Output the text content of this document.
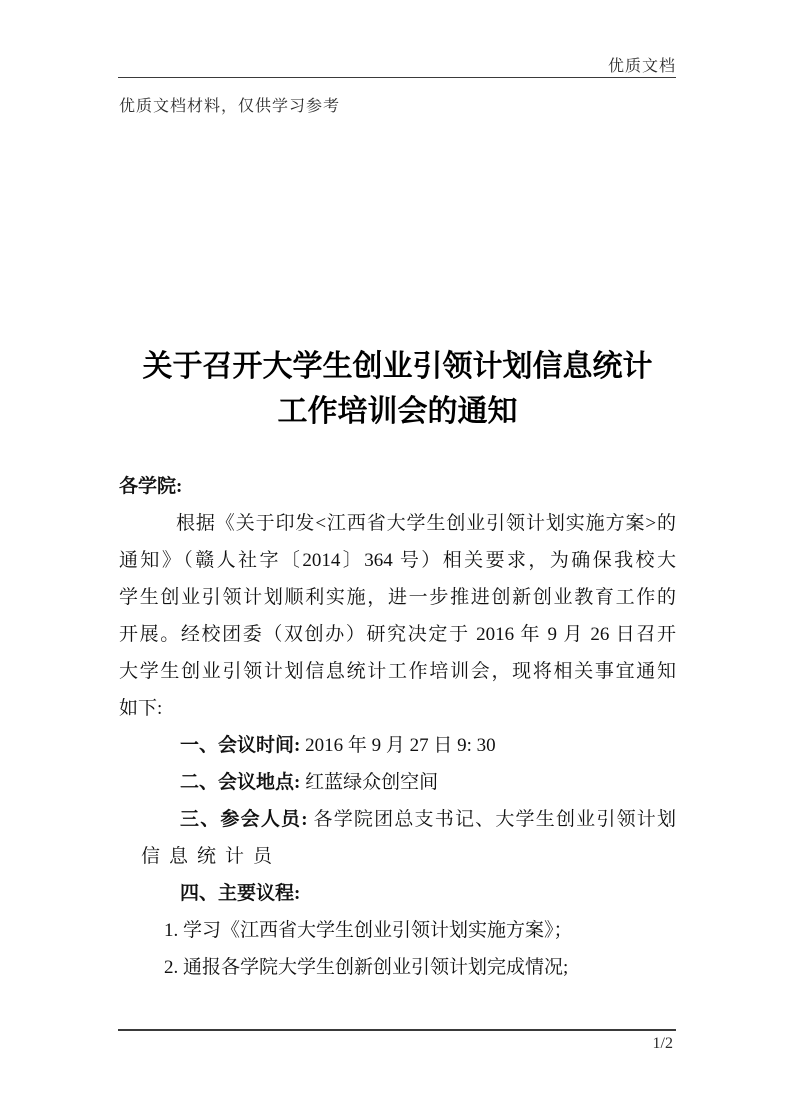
优质文档
优质文档材料，仅供学习参考
关于召开大学生创业引领计划信息统计
工作培训会的通知
各学院:
根据《关于印发<江西省大学生创业引领计划实施方案>的
通知》（赣人社字〔2014〕364 号）相关要求，为确保我校大
学生创业引领计划顺利实施，进一步推进创新创业教育工作的
开展。经校团委（双创办）研究决定于 2016 年 9 月 26 日召开
大学生创业引领计划信息统计工作培训会，现将相关事宜通知
如下:
一、会议时间: 2016 年 9 月 27 日 9: 30
二、会议地点: 红蓝绿众创空间
三、参会人员: 各学院团总支书记、大学生创业引领计划
信息统计员
四、主要议程:
1. 学习《江西省大学生创业引领计划实施方案》；
2. 通报各学院大学生创新创业引领计划完成情况;
1/2
